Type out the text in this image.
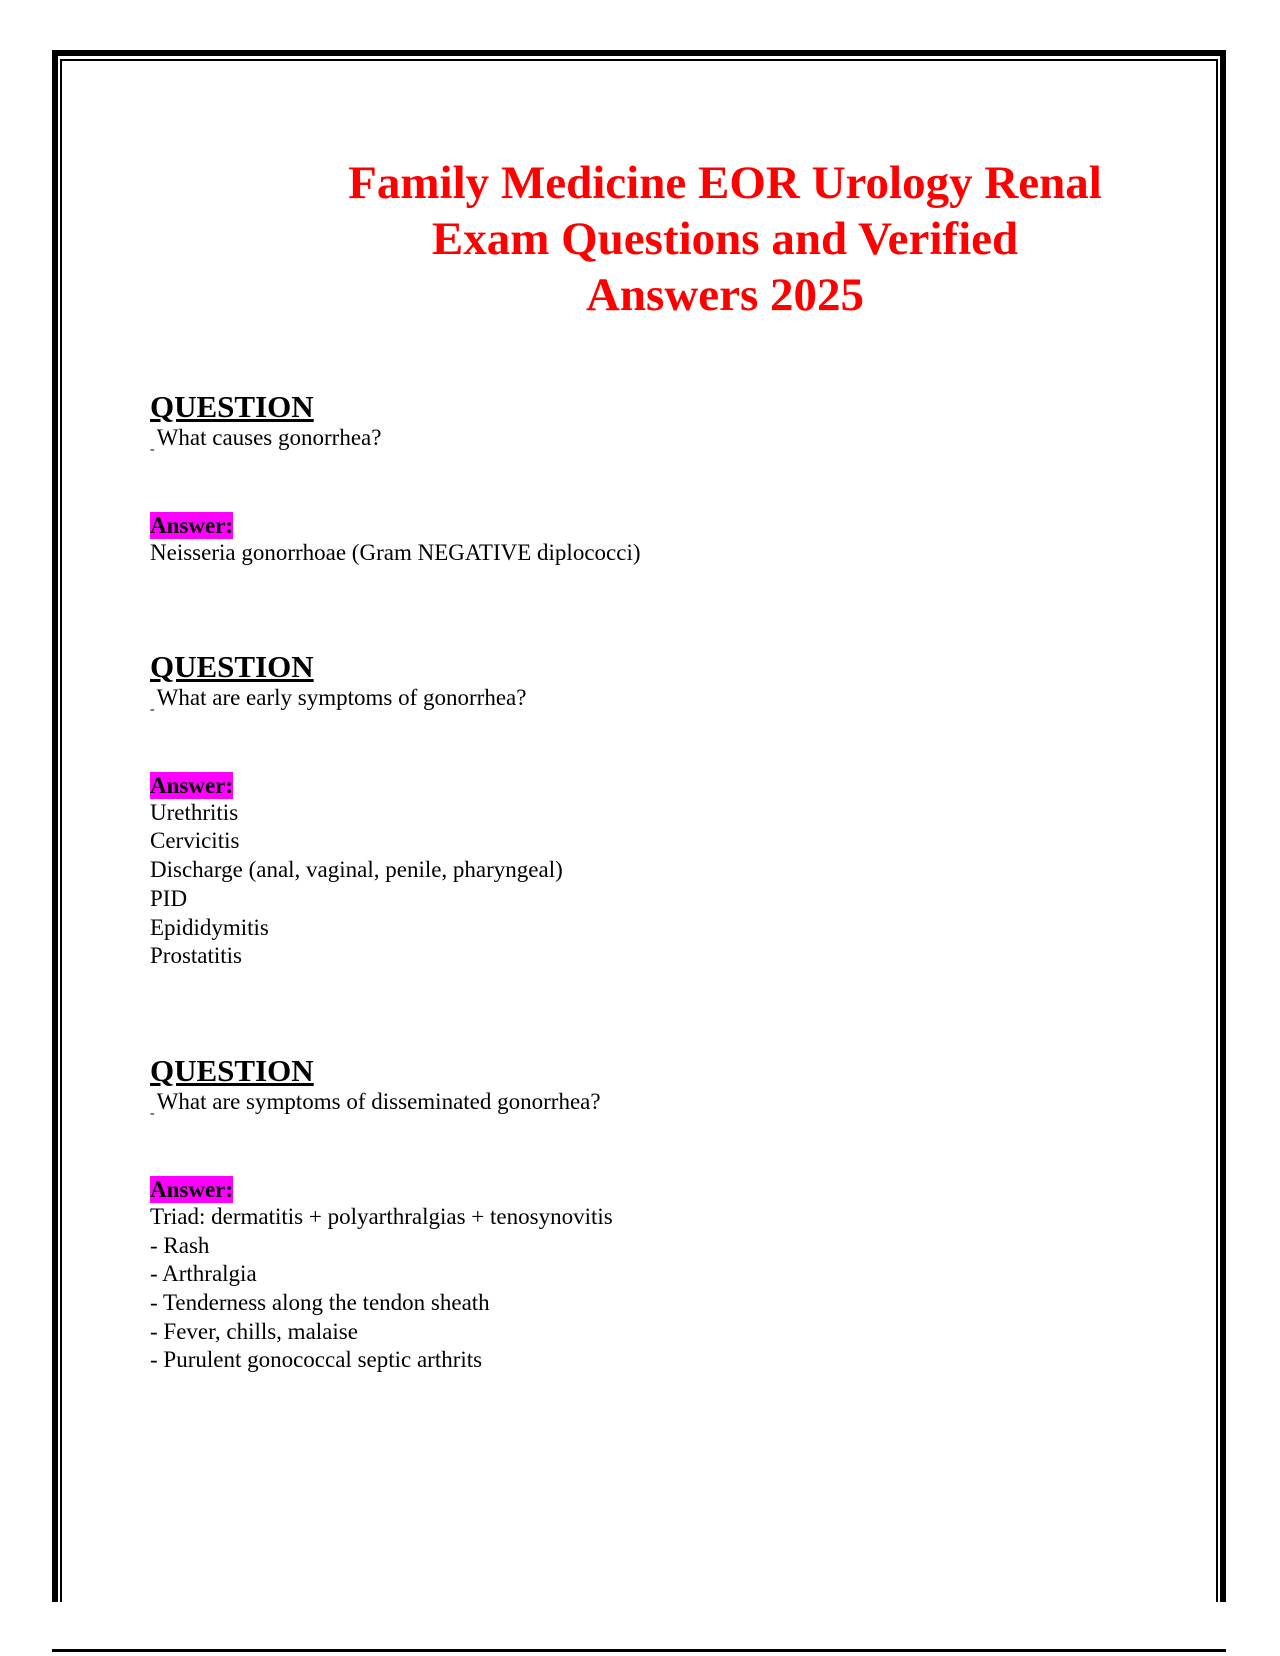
Family Medicine EOR Urology Renal
Exam Questions and Verified
Answers 2025
QUESTION
-What causes gonorrhea?
Answer:
Neisseria gonorrhoae (Gram NEGATIVE diplococci)
QUESTION
-What are early symptoms of gonorrhea?
Answer:
Urethritis
Cervicitis
Discharge (anal, vaginal, penile, pharyngeal)
PID
Epididymitis
Prostatitis
QUESTION
-What are symptoms of disseminated gonorrhea?
Answer:
Triad: dermatitis + polyarthralgias + tenosynovitis
- Rash
- Arthralgia
- Tenderness along the tendon sheath
- Fever, chills, malaise
- Purulent gonococcal septic arthrits
